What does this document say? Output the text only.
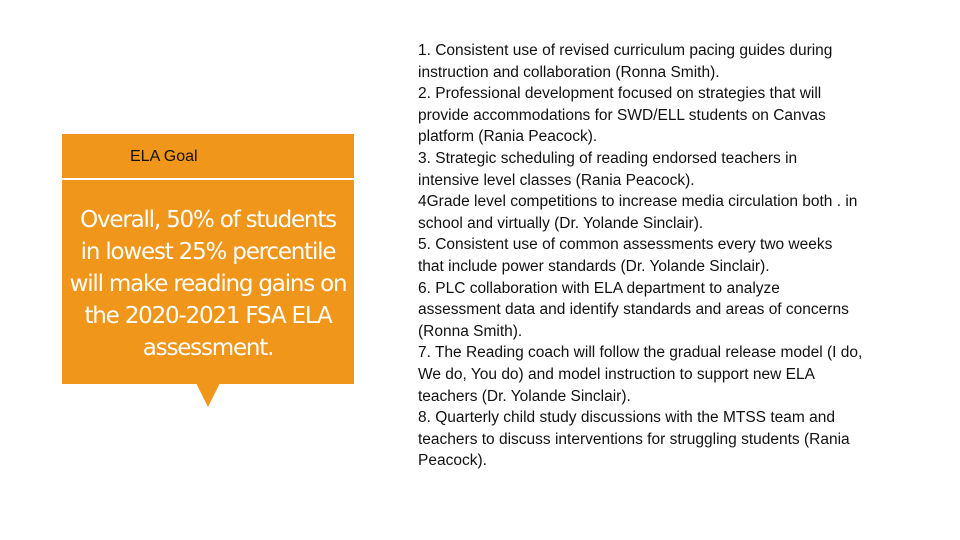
ELA Goal
Overall, 50% of students in lowest 25% percentile will make reading gains on the 2020-2021 FSA ELA assessment.
1. Consistent use of revised curriculum pacing guides during
instruction and collaboration (Ronna Smith).
2. Professional development focused on strategies that will
provide accommodations for SWD/ELL students on Canvas
platform (Rania Peacock).
3. Strategic scheduling of reading endorsed teachers in
intensive level classes (Rania Peacock).
4Grade level competitions to increase media circulation both . in
school and virtually (Dr. Yolande Sinclair).
5. Consistent use of common assessments every two weeks
that include power standards (Dr. Yolande Sinclair).
6. PLC collaboration with ELA department to analyze
assessment data and identify standards and areas of concerns
(Ronna Smith).
7. The Reading coach will follow the gradual release model (I do,
We do, You do) and model instruction to support new ELA
teachers (Dr. Yolande Sinclair).
8. Quarterly child study discussions with the MTSS team and
teachers to discuss interventions for struggling students (Rania
Peacock).
